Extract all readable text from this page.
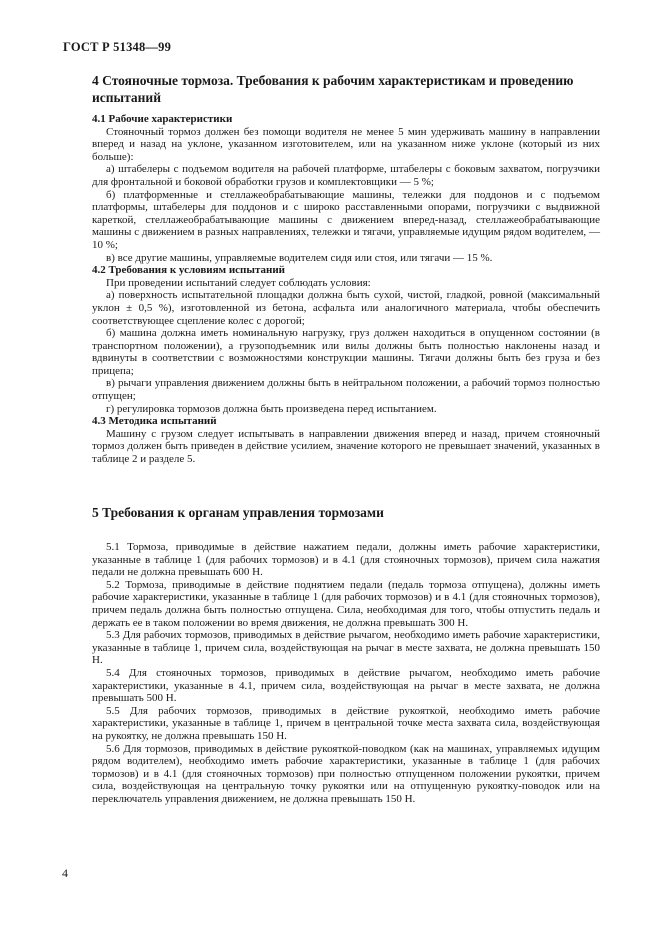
ГОСТ Р 51348—99
4 Стояночные тормоза. Требования к рабочим характеристикам и проведению испытаний

4.1 Рабочие характеристики

Стояночный тормоз должен без помощи водителя не менее 5 мин удерживать машину в направлении вперед и назад на уклоне, указанном изготовителем, или на указанном ниже уклоне (который из них больше):

а) штабелеры с подъемом водителя на рабочей платформе, штабелеры с боковым захватом, погрузчики для фронтальной и боковой обработки грузов и комплектовщики — 5 %;

б) платформенные и стеллажеобрабатывающие машины, тележки для поддонов и с подъемом платформы, штабелеры для поддонов и с широко расставленными опорами, погрузчики с выдвижной кареткой, стеллажеобрабатывающие машины с движением вперед-назад, стеллажеобрабатывающие машины с движением в разных направлениях, тележки и тягачи, управляемые идущим рядом водителем, — 10 %;

в) все другие машины, управляемые водителем сидя или стоя, или тягачи — 15 %.

4.2 Требования к условиям испытаний

При проведении испытаний следует соблюдать условия:

а) поверхность испытательной площадки должна быть сухой, чистой, гладкой, ровной (максимальный уклон ± 0,5 %), изготовленной из бетона, асфальта или аналогичного материала, чтобы обеспечить соответствующее сцепление колес с дорогой;

б) машина должна иметь номинальную нагрузку, груз должен находиться в опущенном состоянии (в транспортном положении), а грузоподъемник или вилы должны быть полностью наклонены назад и вдвинуты в соответствии с возможностями конструкции машины. Тягачи должны быть без груза и без прицепа;

в) рычаги управления движением должны быть в нейтральном положении, а рабочий тормоз полностью отпущен;

г) регулировка тормозов должна быть произведена перед испытанием.

4.3 Методика испытаний

Машину с грузом следует испытывать в направлении движения вперед и назад, причем стояночный тормоз должен быть приведен в действие усилием, значение которого не превышает значений, указанных в таблице 2 и разделе 5.

5 Требования к органам управления тормозами

5.1 Тормоза, приводимые в действие нажатием педали, должны иметь рабочие характеристики, указанные в таблице 1 (для рабочих тормозов) и в 4.1 (для стояночных тормозов), причем сила нажатия педали не должна превышать 600 Н.

5.2 Тормоза, приводимые в действие поднятием педали (педаль тормоза отпущена), должны иметь рабочие характеристики, указанные в таблице 1 (для рабочих тормозов) и в 4.1 (для стояночных тормозов), причем педаль должна быть полностью отпущена. Сила, необходимая для того, чтобы отпустить педаль и держать ее в таком положении во время движения, не должна превышать 300 Н.

5.3 Для рабочих тормозов, приводимых в действие рычагом, необходимо иметь рабочие характеристики, указанные в таблице 1, причем сила, воздействующая на рычаг в месте захвата, не должна превышать 150 Н.

5.4 Для стояночных тормозов, приводимых в действие рычагом, необходимо иметь рабочие характеристики, указанные в 4.1, причем сила, воздействующая на рычаг в месте захвата, не должна превышать 500 Н.

5.5 Для рабочих тормозов, приводимых в действие рукояткой, необходимо иметь рабочие характеристики, указанные в таблице 1, причем в центральной точке места захвата сила, воздействующая на рукоятку, не должна превышать 150 Н.

5.6 Для тормозов, приводимых в действие рукояткой-поводком (как на машинах, управляемых идущим рядом водителем), необходимо иметь рабочие характеристики, указанные в таблице 1 (для рабочих тормозов) и в 4.1 (для стояночных тормозов) при полностью отпущенном положении рукоятки, причем сила, воздействующая на центральную точку рукоятки или на отпущенную рукоятку-поводок или на переключатель управления движением, не должна превышать 150 Н.

4
